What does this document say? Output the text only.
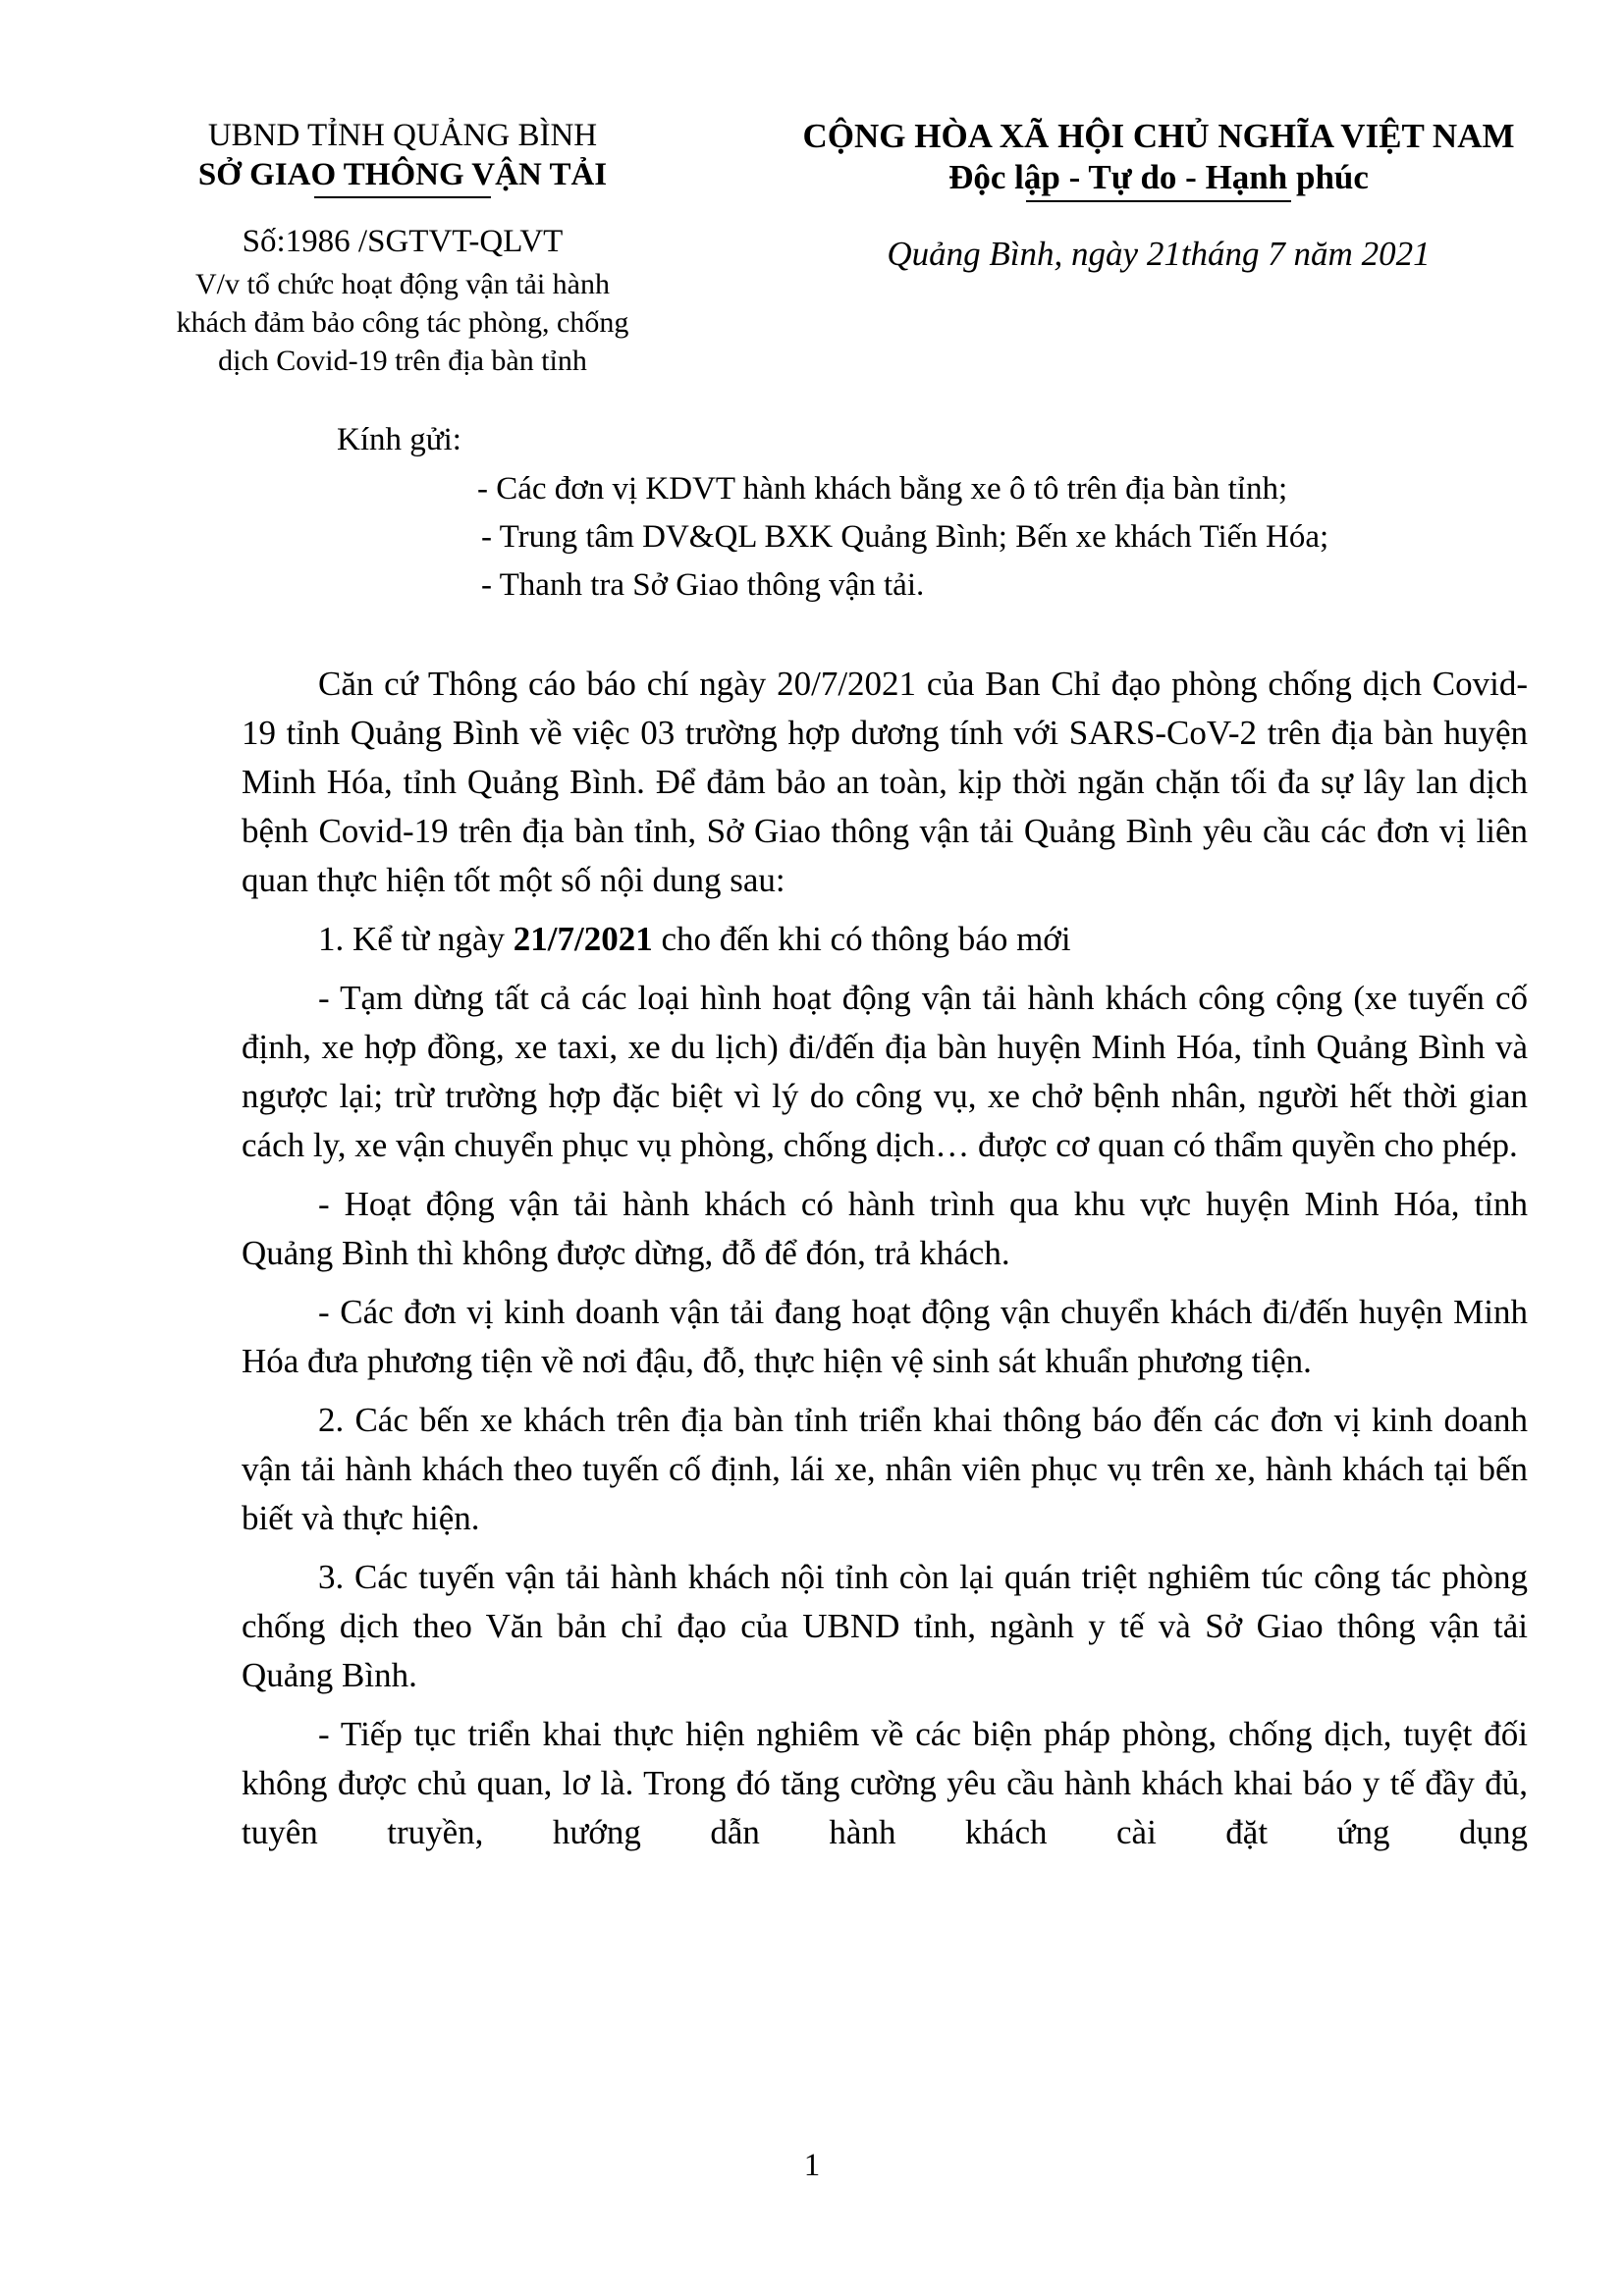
UBND TỈNH QUẢNG BÌNH
SỞ GIAO THÔNG VẬN TẢI
Số:1986 /SGTVT-QLVT
V/v tổ chức hoạt động vận tải hành
khách đảm bảo công tác phòng, chống
dịch Covid-19 trên địa bàn tỉnh
CỘNG HÒA XÃ HỘI CHỦ NGHĨA VIỆT NAM
Độc lập - Tự do - Hạnh phúc
Quảng Bình, ngày 21tháng 7 năm 2021
Kính gửi:
- Các đơn vị KDVT hành khách bằng xe ô tô trên địa bàn tỉnh;
- Trung tâm DV&QL BXK Quảng Bình; Bến xe khách Tiến Hóa;
- Thanh tra Sở Giao thông vận tải.

Căn cứ Thông cáo báo chí ngày 20/7/2021 của Ban Chỉ đạo phòng chống dịch Covid-19 tỉnh Quảng Bình về việc 03 trường hợp dương tính với SARS-CoV-2 trên địa bàn huyện Minh Hóa, tỉnh Quảng Bình. Để đảm bảo an toàn, kịp thời ngăn chặn tối đa sự lây lan dịch bệnh Covid-19 trên địa bàn tỉnh, Sở Giao thông vận tải Quảng Bình yêu cầu các đơn vị liên quan thực hiện tốt một số nội dung sau:

1. Kể từ ngày 21/7/2021 cho đến khi có thông báo mới

- Tạm dừng tất cả các loại hình hoạt động vận tải hành khách công cộng (xe tuyến cố định, xe hợp đồng, xe taxi, xe du lịch) đi/đến địa bàn huyện Minh Hóa, tỉnh Quảng Bình và ngược lại; trừ trường hợp đặc biệt vì lý do công vụ, xe chở bệnh nhân, người hết thời gian cách ly, xe vận chuyển phục vụ phòng, chống dịch… được cơ quan có thẩm quyền cho phép.

- Hoạt động vận tải hành khách có hành trình qua khu vực huyện Minh Hóa, tỉnh Quảng Bình thì không được dừng, đỗ để đón, trả khách.

- Các đơn vị kinh doanh vận tải đang hoạt động vận chuyển khách đi/đến huyện Minh Hóa đưa phương tiện về nơi đậu, đỗ, thực hiện vệ sinh sát khuẩn phương tiện.

2. Các bến xe khách trên địa bàn tỉnh triển khai thông báo đến các đơn vị kinh doanh vận tải hành khách theo tuyến cố định, lái xe, nhân viên phục vụ trên xe, hành khách tại bến biết và thực hiện.

3. Các tuyến vận tải hành khách nội tỉnh còn lại quán triệt nghiêm túc công tác phòng chống dịch theo Văn bản chỉ đạo của UBND tỉnh, ngành y tế và Sở Giao thông vận tải Quảng Bình.

- Tiếp tục triển khai thực hiện nghiêm về các biện pháp phòng, chống dịch, tuyệt đối không được chủ quan, lơ là. Trong đó tăng cường yêu cầu hành khách khai báo y tế đầy đủ, tuyên truyền, hướng dẫn hành khách cài đặt ứng dụng

1
